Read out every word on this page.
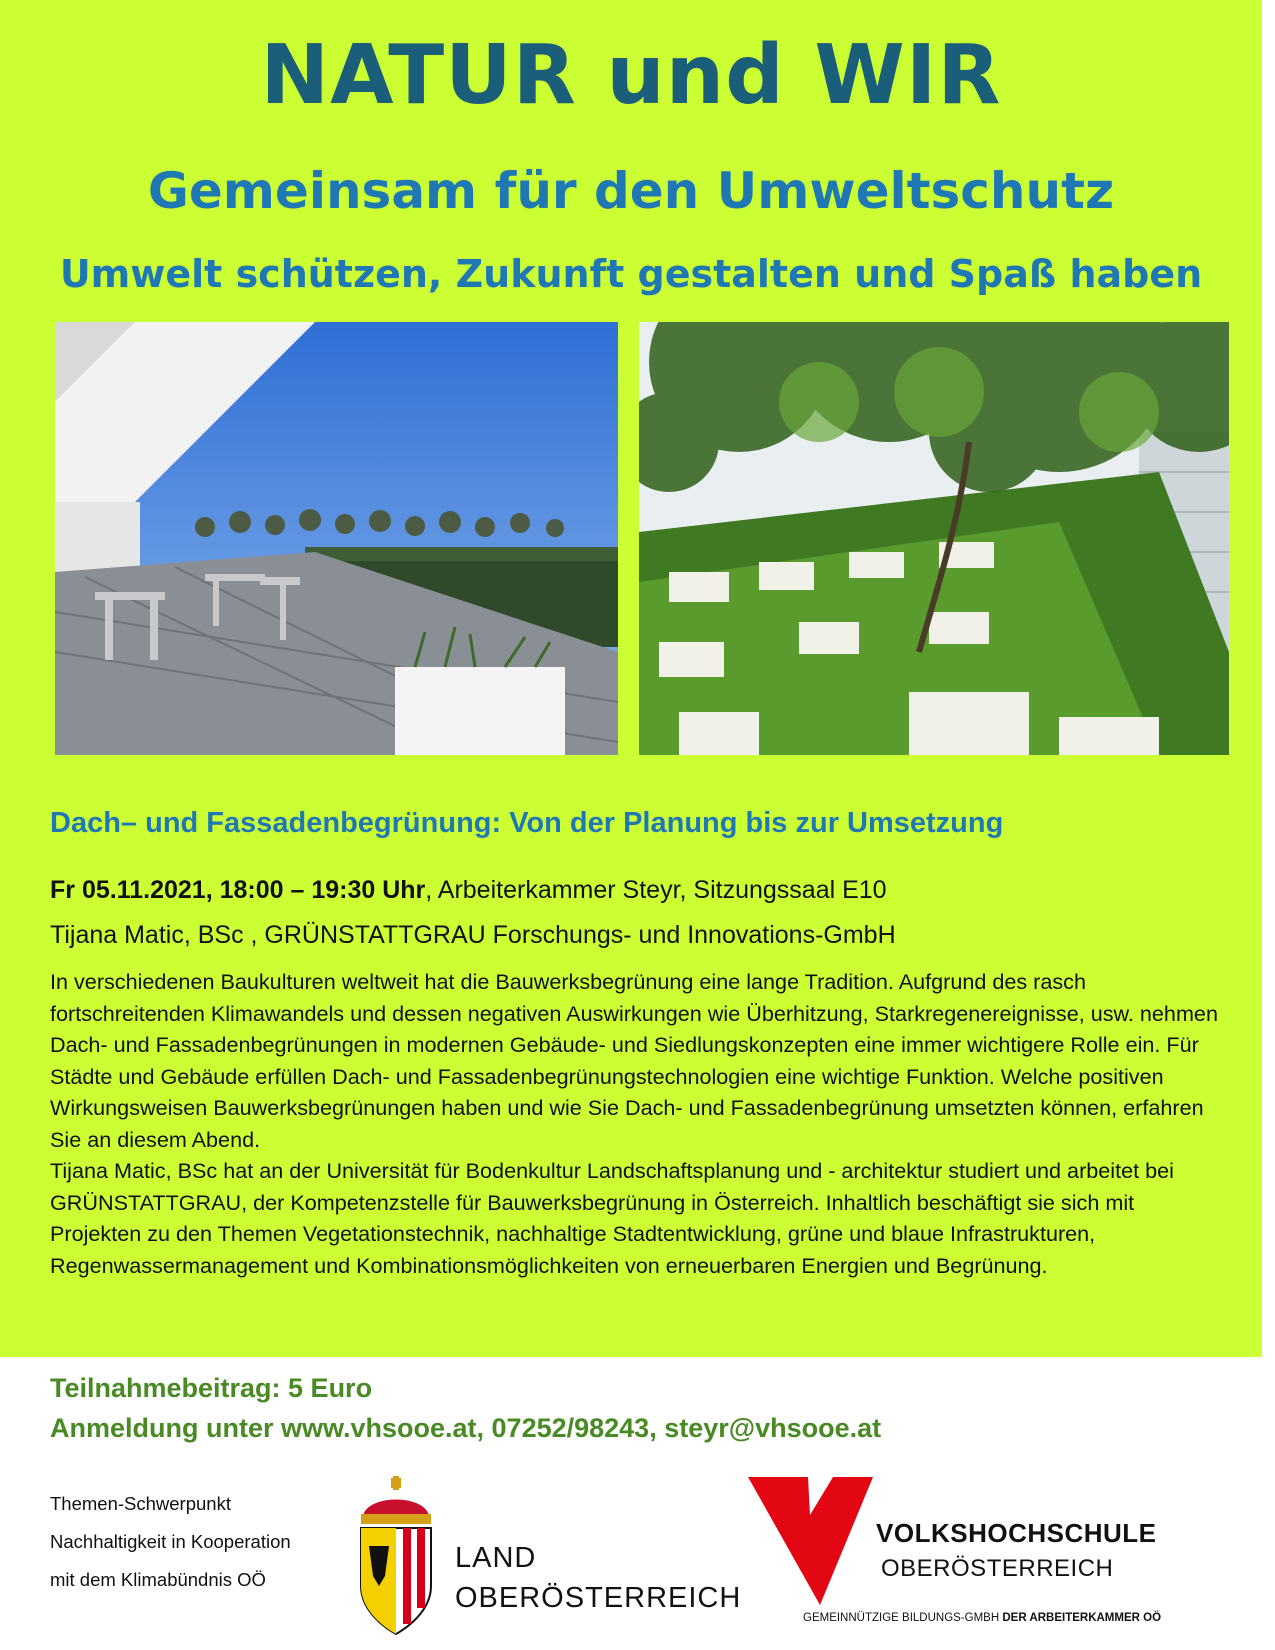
NATUR und WIR
Gemeinsam für den Umweltschutz
Umwelt schützen, Zukunft gestalten und Spaß haben
Dach– und Fassadenbegrünung: Von der Planung bis zur Umsetzung
Fr 05.11.2021, 18:00 – 19:30 Uhr, Arbeiterkammer Steyr, Sitzungssaal E10
Tijana Matic, BSc , GRÜNSTATTGRAU Forschungs- und Innovations-GmbH

In verschiedenen Baukulturen weltweit hat die Bauwerksbegrünung eine lange Tradition. Aufgrund des rasch fortschreitenden Klimawandels und dessen negativen Auswirkungen wie Überhitzung, Starkregenereignisse, usw. nehmen Dach- und Fassadenbegrünungen in modernen Gebäude- und Siedlungskonzepten eine immer wichtigere Rolle ein. Für Städte und Gebäude erfüllen Dach- und Fassadenbegrünungstechnologien eine wichtige Funktion. Welche positiven Wirkungsweisen Bauwerksbegrünungen haben und wie Sie Dach- und Fassadenbegrünung umsetzten können, erfahren Sie an diesem Abend.

Tijana Matic, BSc hat an der Universität für Bodenkultur Landschaftsplanung und - architektur studiert und arbeitet bei GRÜNSTATTGRAU, der Kompetenzstelle für Bauwerksbegrünung in Österreich. Inhaltlich beschäftigt sie sich mit Projekten zu den Themen Vegetationstechnik, nachhaltige Stadtentwicklung, grüne und blaue Infrastrukturen, Regenwassermanagement und Kombinationsmöglichkeiten von erneuerbaren Energien und Begrünung.

Teilnahmebeitrag: 5 Euro
Anmeldung unter www.vhsooe.at, 07252/98243, steyr@vhsooe.at
Themen-Schwerpunkt
Nachhaltigkeit in Kooperation
mit dem Klimabündnis OÖ
LAND
OBERÖSTERREICH
VOLKSHOCHSCHULE
OBERÖSTERREICH
GEMEINNÜTZIGE BILDUNGS-GMBH DER ARBEITERKAMMER OÖ
